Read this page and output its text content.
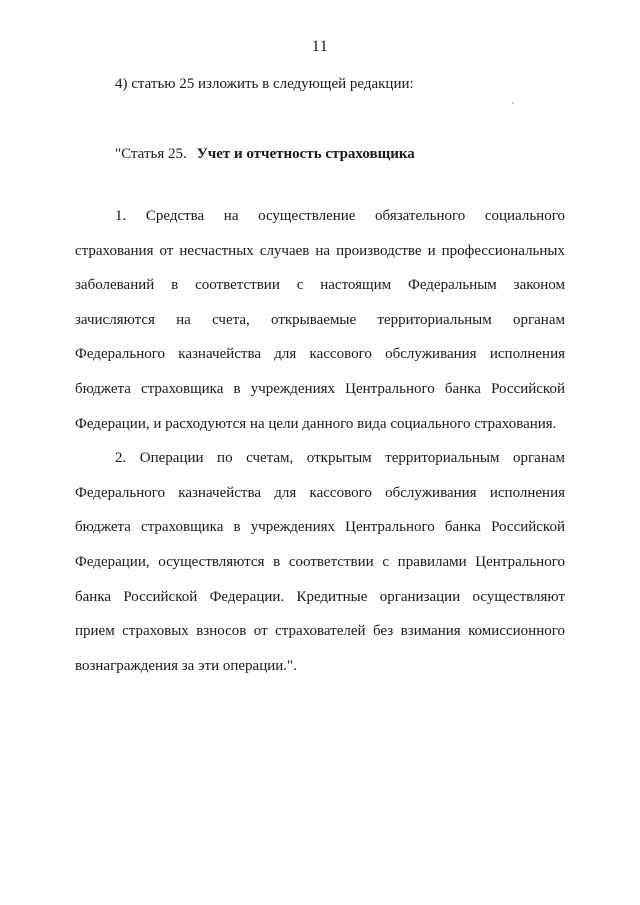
11
4) статью 25 изложить в следующей редакции:
"Статья 25. Учет и отчетность страховщика

1. Средства на осуществление обязательного социального страхования от несчастных случаев на производстве и профессиональных заболеваний в соответствии с настоящим Федеральным законом зачисляются на счета, открываемые территориальным органам Федерального казначейства для кассового обслуживания исполнения бюджета страховщика в учреждениях Центрального банка Российской Федерации, и расходуются на цели данного вида социального страхования.

2. Операции по счетам, открытым территориальным органам Федерального казначейства для кассового обслуживания исполнения бюджета страховщика в учреждениях Центрального банка Российской Федерации, осуществляются в соответствии с правилами Центрального банка Российской Федерации. Кредитные организации осуществляют прием страховых взносов от страхователей без взимания комиссионного вознаграждения за эти операции.".
